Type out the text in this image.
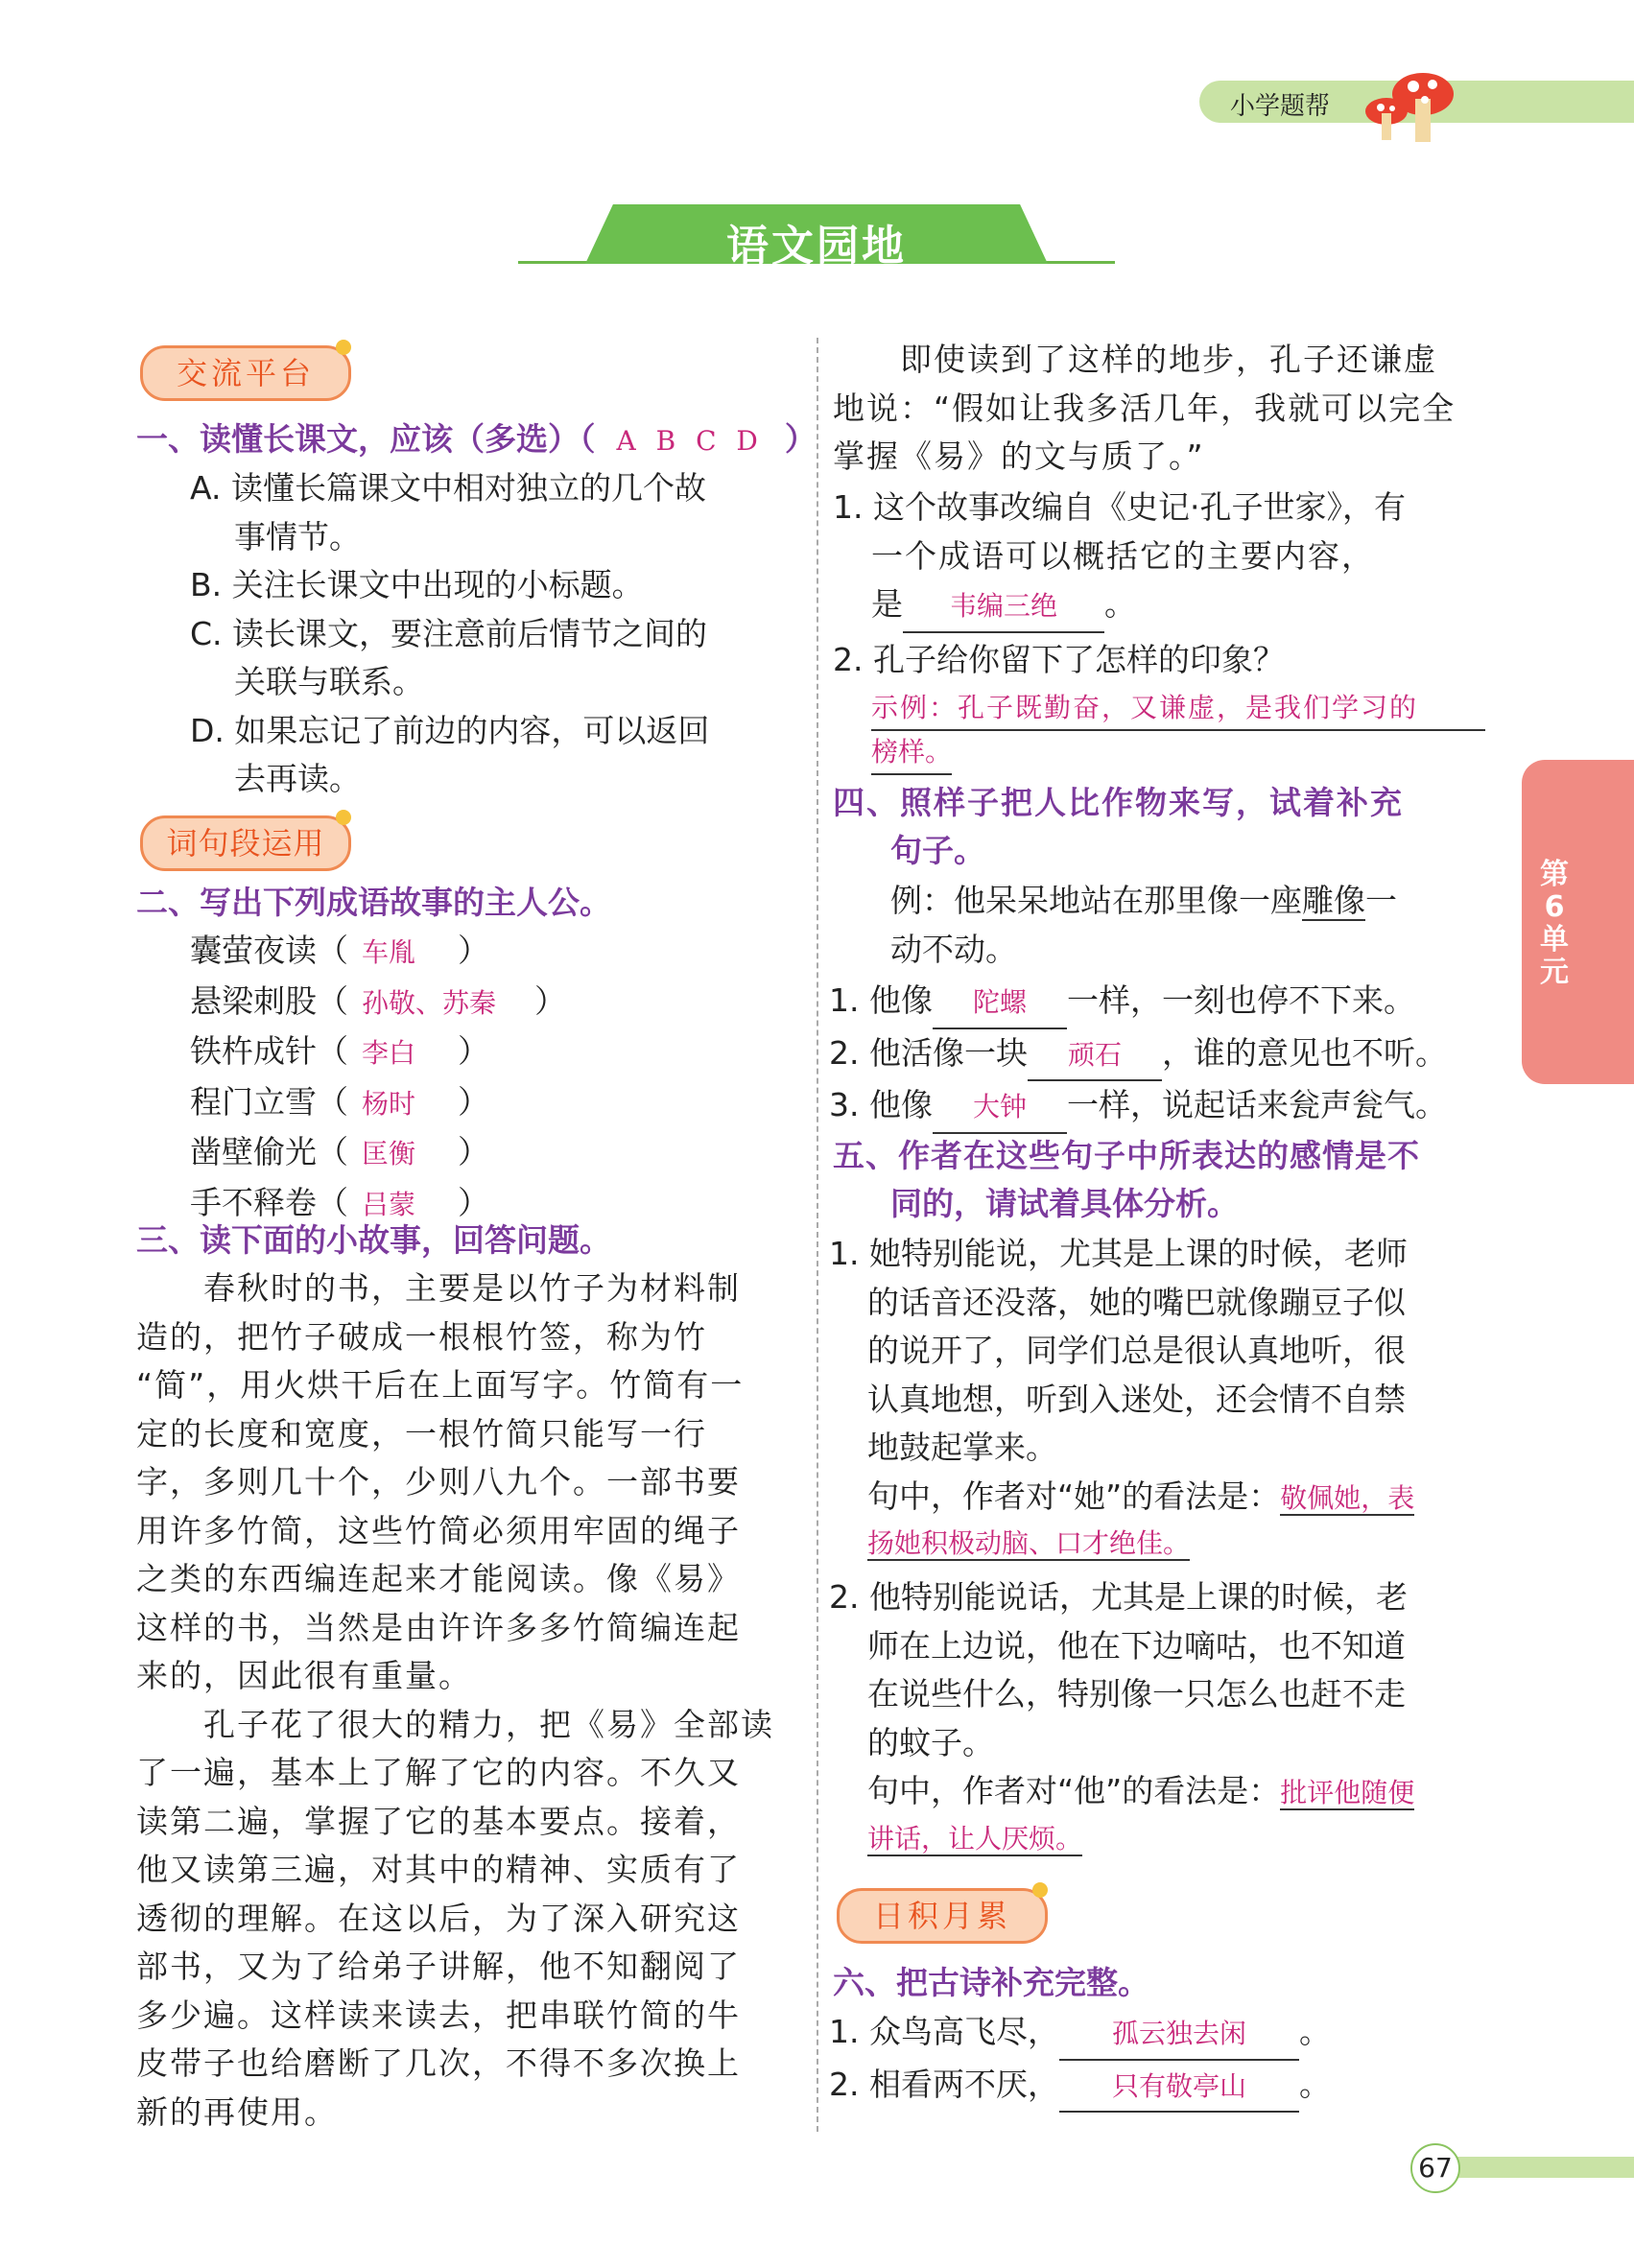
小学题帮
语文园地
第6单元
交流平台
一、读懂长课文，应该（多选）（ A B C D ）
A. 读懂长篇课文中相对独立的几个故
事情节。
B. 关注长课文中出现的小标题。
C. 读长课文，要注意前后情节之间的
关联与联系。
D. 如果忘记了前边的内容，可以返回
去再读。
词句段运用
二、写出下列成语故事的主人公。
囊萤夜读（ 车胤 ）
悬梁刺股（ 孙敬、苏秦 ）
铁杵成针（ 李白 ）
程门立雪（ 杨时 ）
凿壁偷光（ 匡衡 ）
手不释卷（ 吕蒙 ）
三、读下面的小故事，回答问题。
　　春秋时的书，主要是以竹子为材料制
造的，把竹子破成一根根竹签，称为竹
“简”，用火烘干后在上面写字。竹简有一
定的长度和宽度，一根竹简只能写一行
字，多则几十个，少则八九个。一部书要
用许多竹简，这些竹简必须用牢固的绳子
之类的东西编连起来才能阅读。像《易》
这样的书，当然是由许许多多竹简编连起
来的，因此很有重量。
　　孔子花了很大的精力，把《易》全部读
了一遍，基本上了解了它的内容。不久又
读第二遍，掌握了它的基本要点。接着，
他又读第三遍，对其中的精神、实质有了
透彻的理解。在这以后，为了深入研究这
部书，又为了给弟子讲解，他不知翻阅了
多少遍。这样读来读去，把串联竹简的牛
皮带子也给磨断了几次，不得不多次换上
新的再使用。
　　即使读到了这样的地步，孔子还谦虚
地说：“假如让我多活几年，我就可以完全
掌握《易》的文与质了。”
1. 这个故事改编自《史记·孔子世家》，有
一个成语可以概括它的主要内容，
是 韦编三绝 。
2. 孔子给你留下了怎样的印象？
示例：孔子既勤奋，又谦虚，是我们学习的
榜样。
四、照样子把人比作物来写，试着补充
句子。
例：他呆呆地站在那里像一座雕像一
动不动。
1. 他像 陀螺 一样，一刻也停不下来。
2. 他活像一块 顽石 ，谁的意见也不听。
3. 他像 大钟 一样，说起话来瓮声瓮气。
五、作者在这些句子中所表达的感情是不
同的，请试着具体分析。
1. 她特别能说，尤其是上课的时候，老师
的话音还没落，她的嘴巴就像蹦豆子似
的说开了，同学们总是很认真地听，很
认真地想，听到入迷处，还会情不自禁
地鼓起掌来。
句中，作者对“她”的看法是：敬佩她，表
扬她积极动脑、口才绝佳。
2. 他特别能说话，尤其是上课的时候，老
师在上边说，他在下边嘀咕，也不知道
在说些什么，特别像一只怎么也赶不走
的蚊子。
句中，作者对“他”的看法是：批评他随便
讲话，让人厌烦。
日积月累
六、把古诗补充完整。
1. 众鸟高飞尽， 孤云独去闲 。
2. 相看两不厌， 只有敬亭山 。
67
